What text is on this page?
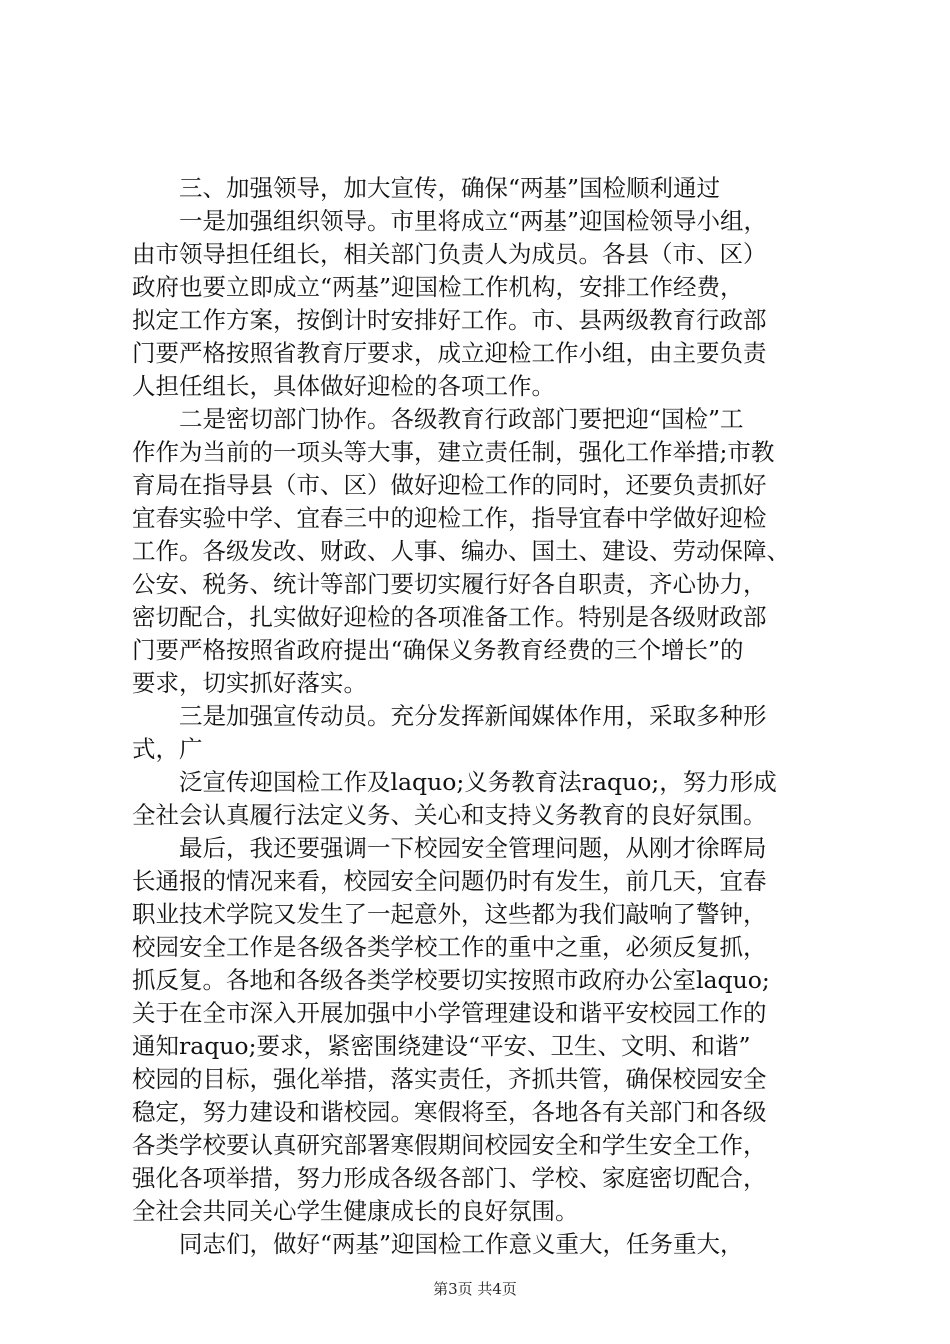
　　三、加强领导，加大宣传，确保“两基”国检顺利通过
　　一是加强组织领导。市里将成立“两基”迎国检领导小组，
由市领导担任组长，相关部门负责人为成员。各县（市、区）
政府也要立即成立“两基”迎国检工作机构，安排工作经费，
拟定工作方案，按倒计时安排好工作。市、县两级教育行政部
门要严格按照省教育厅要求，成立迎检工作小组，由主要负责
人担任组长，具体做好迎检的各项工作。
　　二是密切部门协作。各级教育行政部门要把迎“国检”工
作作为当前的一项头等大事，建立责任制，强化工作举措;市教
育局在指导县（市、区）做好迎检工作的同时，还要负责抓好
宜春实验中学、宜春三中的迎检工作，指导宜春中学做好迎检
工作。各级发改、财政、人事、编办、国土、建设、劳动保障、
公安、税务、统计等部门要切实履行好各自职责，齐心协力，
密切配合，扎实做好迎检的各项准备工作。特别是各级财政部
门要严格按照省政府提出“确保义务教育经费的三个增长”的
要求，切实抓好落实。
　　三是加强宣传动员。充分发挥新闻媒体作用，采取多种形
式，广
　　泛宣传迎国检工作及laquo;义务教育法raquo;，努力形成
全社会认真履行法定义务、关心和支持义务教育的良好氛围。
　　最后，我还要强调一下校园安全管理问题，从刚才徐晖局
长通报的情况来看，校园安全问题仍时有发生，前几天，宜春
职业技术学院又发生了一起意外，这些都为我们敲响了警钟，
校园安全工作是各级各类学校工作的重中之重，必须反复抓，
抓反复。各地和各级各类学校要切实按照市政府办公室laquo;
关于在全市深入开展加强中小学管理建设和谐平安校园工作的
通知raquo;要求，紧密围绕建设“平安、卫生、文明、和谐”
校园的目标，强化举措，落实责任，齐抓共管，确保校园安全
稳定，努力建设和谐校园。寒假将至，各地各有关部门和各级
各类学校要认真研究部署寒假期间校园安全和学生安全工作，
强化各项举措，努力形成各级各部门、学校、家庭密切配合，
全社会共同关心学生健康成长的良好氛围。
　　同志们，做好“两基”迎国检工作意义重大，任务重大，
第3页 共4页
